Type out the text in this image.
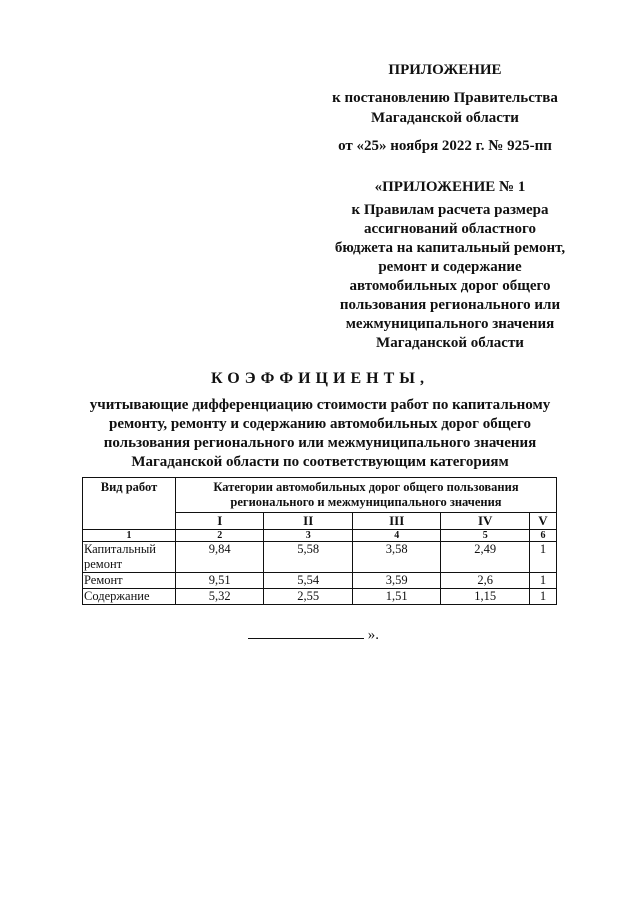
ПРИЛОЖЕНИЕ
к постановлению Правительства
Магаданской области
от «25» ноября 2022 г. № 925-пп
«ПРИЛОЖЕНИЕ № 1
к Правилам расчета размера
ассигнований областного
бюджета на капитальный ремонт,
ремонт и содержание
автомобильных дорог общего
пользования регионального или
межмуниципального значения
Магаданской области
КОЭФФИЦИЕНТЫ,
учитывающие дифференциацию стоимости работ по капитальному
ремонту, ремонту и содержанию автомобильных дорог общего
пользования регионального или межмуниципального значения
Магаданской области по соответствующим категориям
Вид работ	Категории автомобильных дорог общего пользования регионального и межмуниципального значения				
	I	II	III	IV	V
1	2	3	4	5	6
Капитальный ремонт	9,84	5,58	3,58	2,49	1
Ремонт	9,51	5,54	3,59	2,6	1
Содержание	5,32	2,55	1,51	1,15	1
».
